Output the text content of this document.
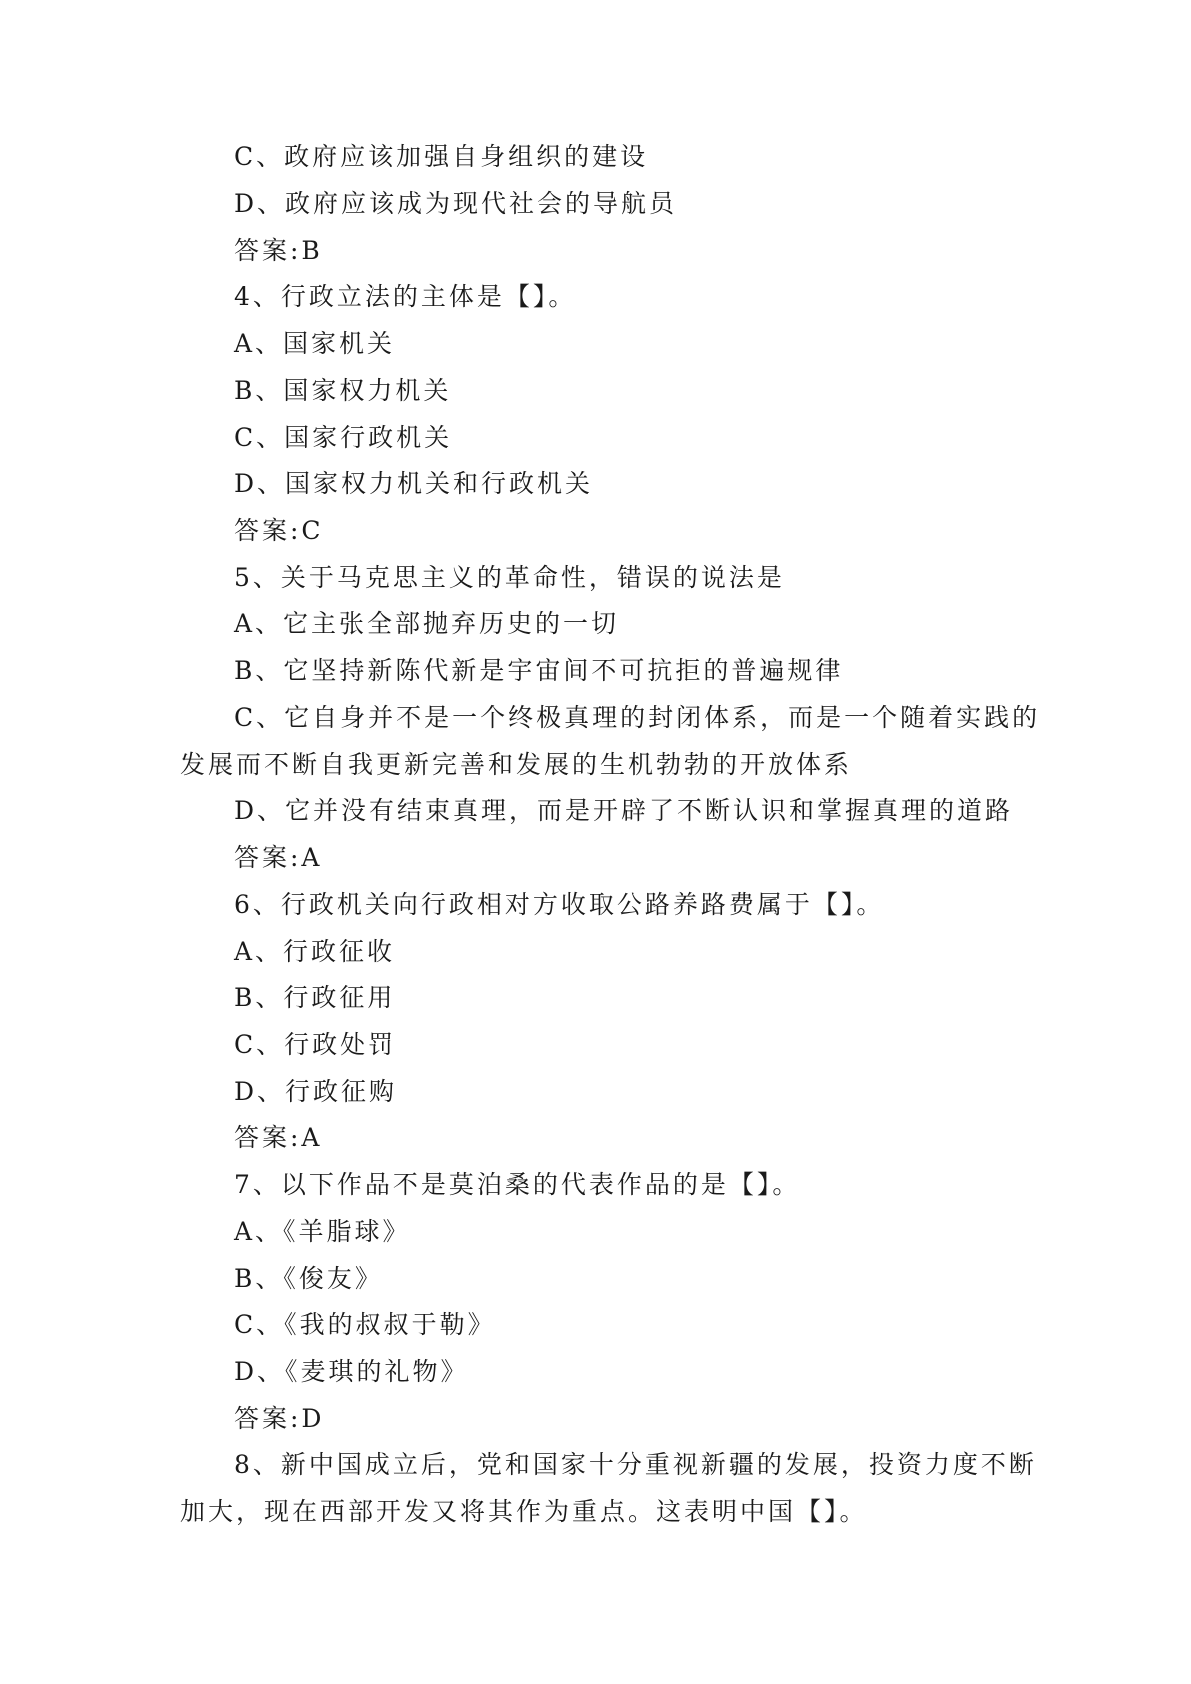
C、政府应该加强自身组织的建设
D、政府应该成为现代社会的导航员
答案:B
4、行政立法的主体是【】。
A、国家机关
B、国家权力机关
C、国家行政机关
D、国家权力机关和行政机关
答案:C
5、关于马克思主义的革命性，错误的说法是
A、它主张全部抛弃历史的一切
B、它坚持新陈代新是宇宙间不可抗拒的普遍规律
C、它自身并不是一个终极真理的封闭体系，而是一个随着实践的
发展而不断自我更新完善和发展的生机勃勃的开放体系
D、它并没有结束真理，而是开辟了不断认识和掌握真理的道路
答案:A
6、行政机关向行政相对方收取公路养路费属于【】。
A、行政征收
B、行政征用
C、行政处罚
D、行政征购
答案:A
7、以下作品不是莫泊桑的代表作品的是【】。
A、《羊脂球》
B、《俊友》
C、《我的叔叔于勒》
D、《麦琪的礼物》
答案:D
8、新中国成立后，党和国家十分重视新疆的发展，投资力度不断
加大，现在西部开发又将其作为重点。这表明中国【】。
